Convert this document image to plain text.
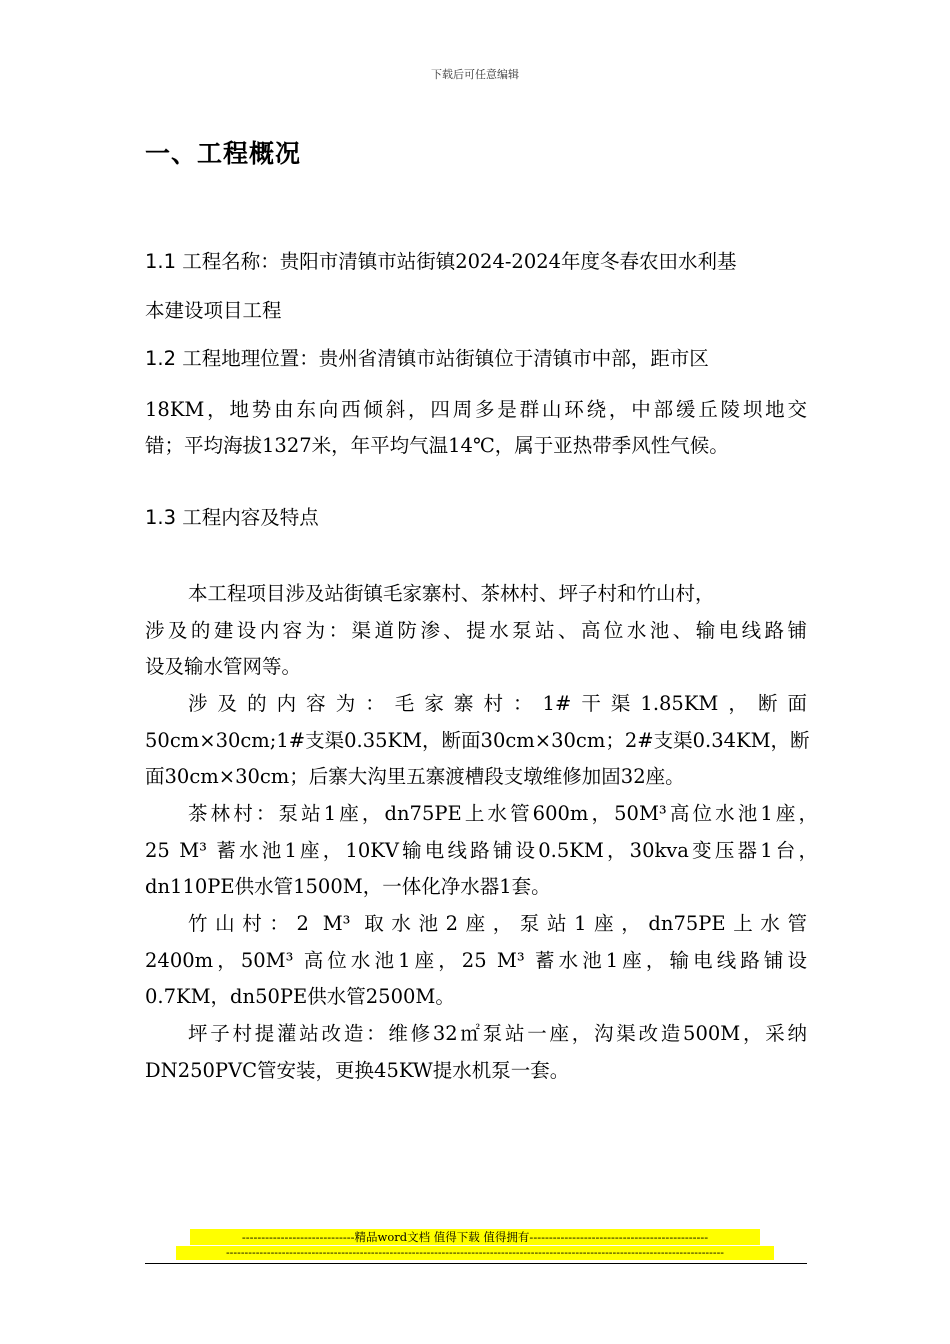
下载后可任意编辑
一、工程概况
1.1 工程名称：贵阳市清镇市站街镇2024-2024年度冬春农田水利基
本建设项目工程
1.2 工程地理位置：贵州省清镇市站街镇位于清镇市中部，距市区
18KM，地势由东向西倾斜，四周多是群山环绕，中部缓丘陵坝地交
错；平均海拔1327米，年平均气温14℃，属于亚热带季风性气候。
1.3 工程内容及特点
本工程项目涉及站街镇毛家寨村、茶林村、坪子村和竹山村，
涉及的建设内容为：渠道防渗、提水泵站、高位水池、输电线路铺
设及输水管网等。
涉及的内容为：毛家寨村：1#干渠1.85KM，断面
50cm×30cm;1#支渠0.35KM，断面30cm×30cm；2#支渠0.34KM，断
面30cm×30cm；后寨大沟里五寨渡槽段支墩维修加固32座。
茶林村：泵站1座，dn75PE上水管600m，50M³高位水池1座，
25 M³ 蓄水池1座，10KV输电线路铺设0.5KM，30kva变压器1台，
dn110PE供水管1500M，一体化净水器1套。
竹山村：2 M³ 取水池2座，泵站1座，dn75PE上水管
2400m，50M³ 高位水池1座，25 M³ 蓄水池1座，输电线路铺设
0.7KM，dn50PE供水管2500M。
坪子村提灌站改造：维修32㎡泵站一座，沟渠改造500M，采纳
DN250PVC管安装，更换45KW提水机泵一套。
-----------------------------精品word文档 值得下载 值得拥有----------------------------------------------
--------------------------------------------------------------------------------------------------------------------------------------
